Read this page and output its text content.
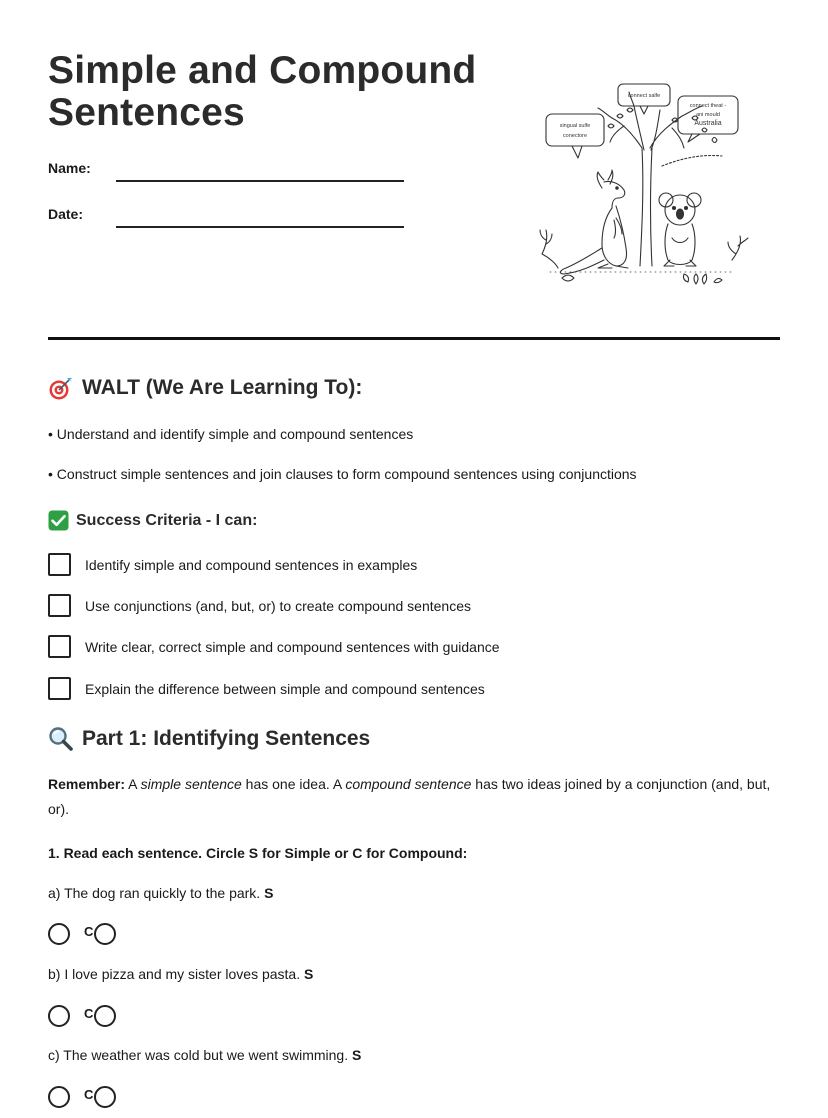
Simple and Compound Sentences
Name:
Date:
singual sulfe
conectore
connect salfe
connect theat -
ani mould
Australia
WALT (We Are Learning To):
• Understand and identify simple and compound sentences
• Construct simple sentences and join clauses to form compound sentences using conjunctions
Success Criteria - I can:
Identify simple and compound sentences in examples
Use conjunctions (and, but, or) to create compound sentences
Write clear, correct simple and compound sentences with guidance
Explain the difference between simple and compound sentences
Part 1: Identifying Sentences
Remember: A simple sentence has one idea. A compound sentence has two ideas joined by a conjunction (and, but, or).
1. Read each sentence. Circle S for Simple or C for Compound:
a) The dog ran quickly to the park. S
C
b) I love pizza and my sister loves pasta. S
C
c) The weather was cold but we went swimming. S
C
